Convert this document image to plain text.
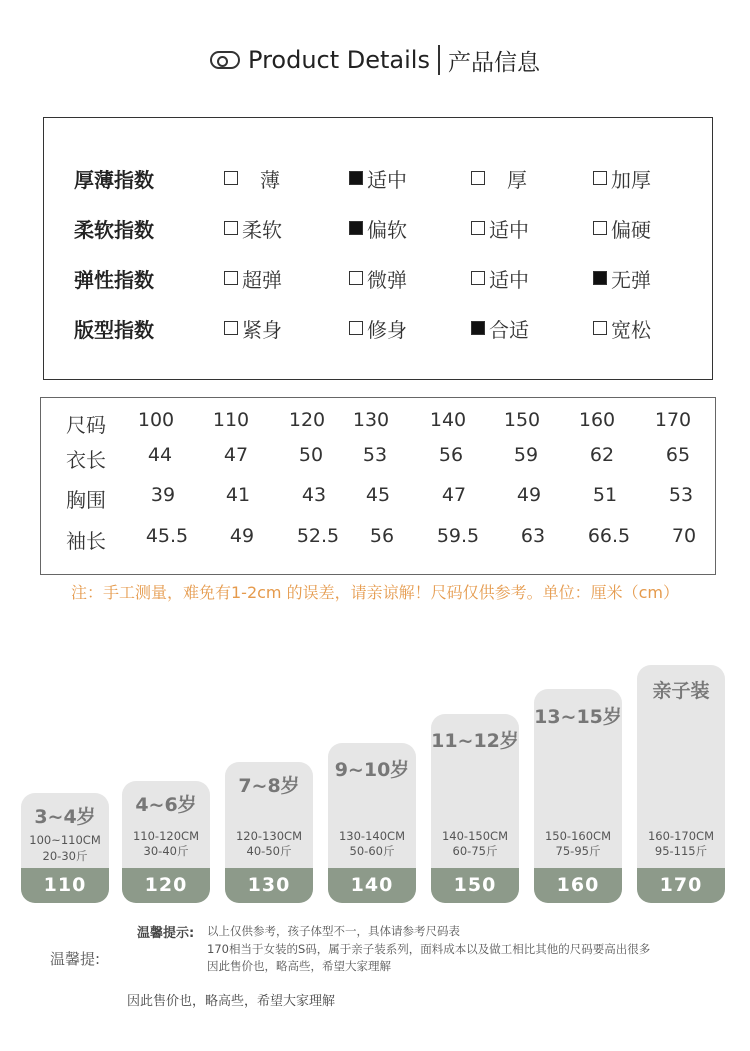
Product Details 产品信息
厚薄指数	薄	适中	厚	加厚
柔软指数	柔软	偏软	适中	偏硬
弹性指数	超弹	微弹	适中	无弹
版型指数	紧身	修身	合适	宽松
尺码 100 110 120 130 140 150 160 170
衣长 44	47	50 53	56	59	62	65
胸围 39	41	43 45	47	49	51	53
袖长 45.5 49 52.5 56 59.5 63 66.5 70
注：手工测量，难免有1-2cm 的误差，请亲谅解！尺码仅供参考。单位：厘米（cm）
3~4岁
100~110CM
20-30斤
110
4~6岁
110-120CM
30-40斤
120
7~8岁
120-130CM
40-50斤
130
9~10岁
130-140CM
50-60斤
140
11~12岁
140-150CM
60-75斤
150
13~15岁
150-160CM
75-95斤
160
亲子装
160-170CM
95-115斤
170
温馨提示: 以上仅供参考，孩子体型不一，具体请参考尺码表
170相当于女装的S码，属于亲子装系列，面料成本以及做工相比其他的尺码要高出很多
因此售价也，略高些，希望大家理解
温馨提:
因此售价也，略高些，希望大家理解
